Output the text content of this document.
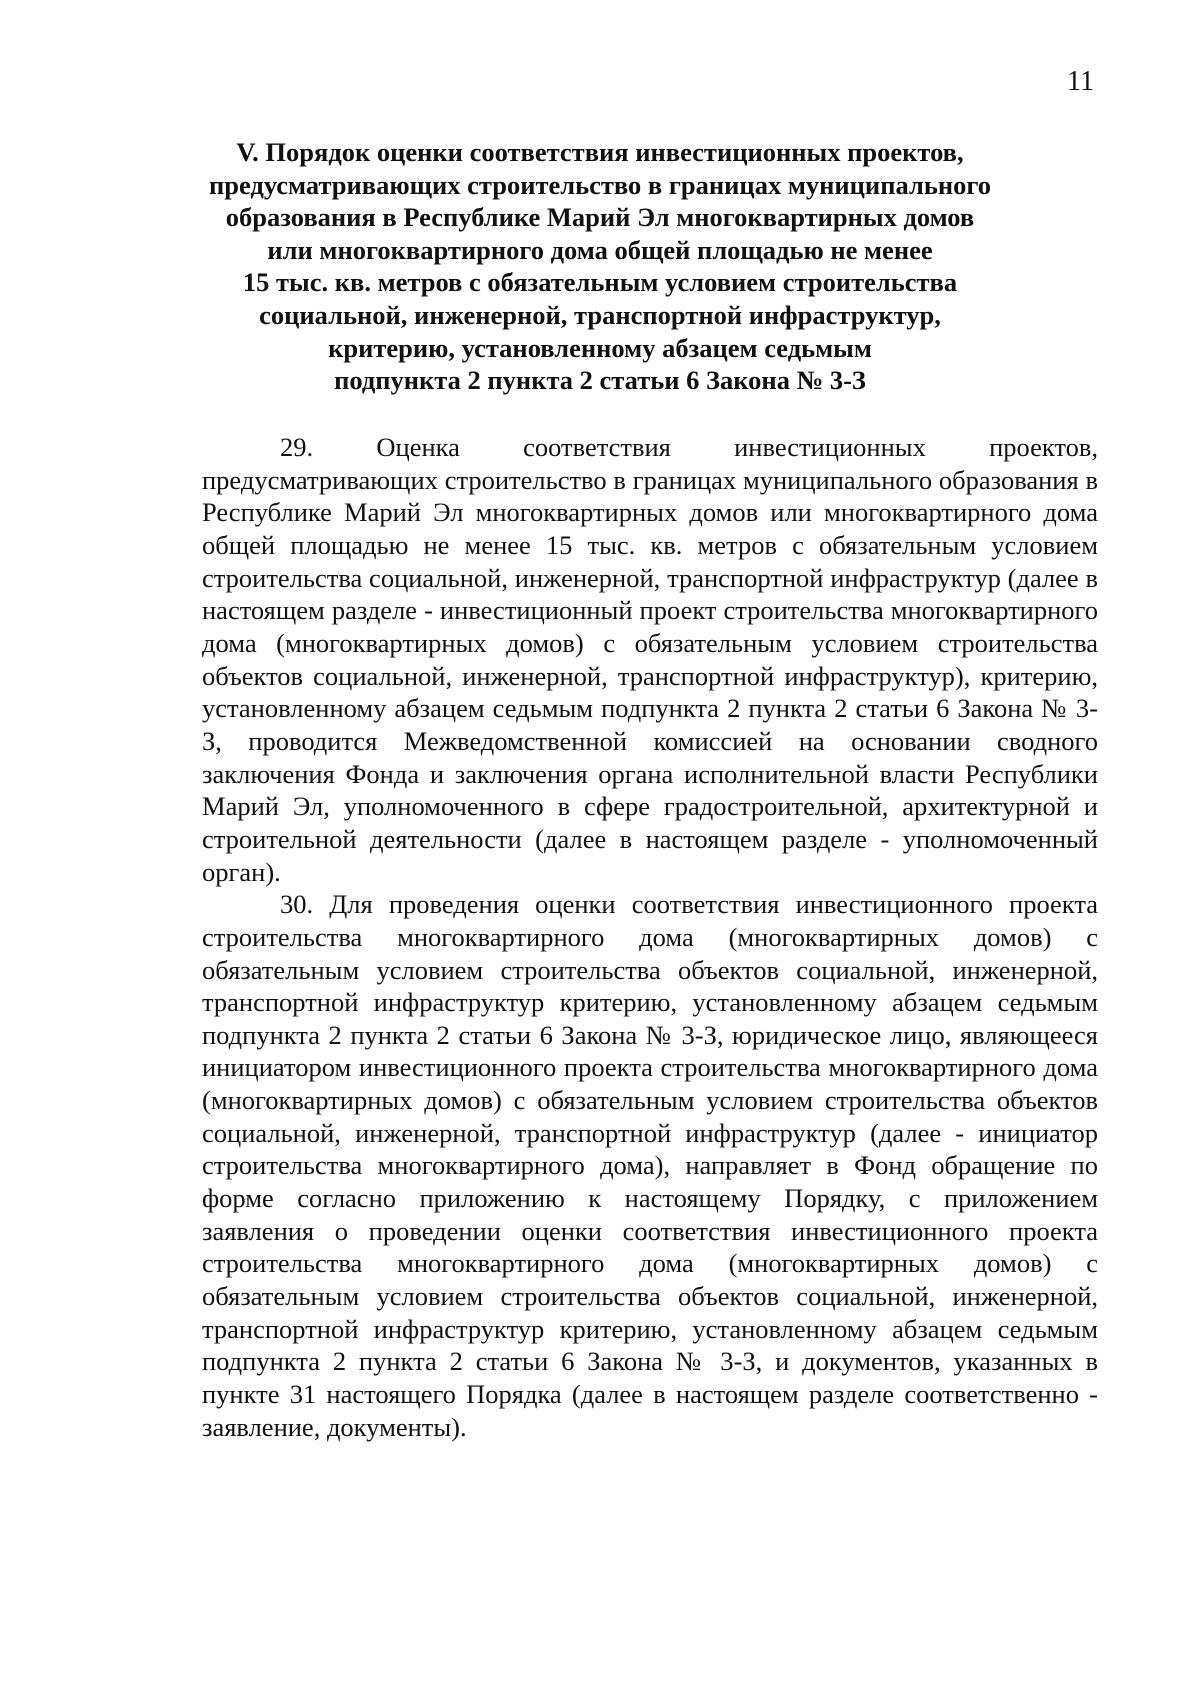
11
V. Порядок оценки соответствия инвестиционных проектов,
предусматривающих строительство в границах муниципального
образования в Республике Марий Эл многоквартирных домов
или многоквартирного дома общей площадью не менее
15 тыс. кв. метров с обязательным условием строительства
социальной, инженерной, транспортной инфраструктур,
критерию, установленному абзацем седьмым
подпункта 2 пункта 2 статьи 6 Закона № 3-З

29. Оценка соответствия инвестиционных проектов, предусматривающих строительство в границах муниципального образования в Республике Марий Эл многоквартирных домов или многоквартирного дома общей площадью не менее 15 тыс. кв. метров с обязательным условием строительства социальной, инженерной, транспортной инфраструктур (далее в настоящем разделе - инвестиционный проект строительства многоквартирного дома (многоквартирных домов) с обязательным условием строительства объектов социальной, инженерной, транспортной инфраструктур), критерию, установленному абзацем седьмым подпункта 2 пункта 2 статьи 6 Закона № 3-З, проводится Межведомственной комиссией на основании сводного заключения Фонда и заключения органа исполнительной власти Республики Марий Эл, уполномоченного в сфере градостроительной, архитектурной и строительной деятельности (далее в настоящем разделе - уполномоченный орган).

30. Для проведения оценки соответствия инвестиционного проекта строительства многоквартирного дома (многоквартирных домов) с обязательным условием строительства объектов социальной, инженерной, транспортной инфраструктур критерию, установленному абзацем седьмым подпункта 2 пункта 2 статьи 6 Закона № 3-З, юридическое лицо, являющееся инициатором инвестиционного проекта строительства многоквартирного дома (многоквартирных домов) с обязательным условием строительства объектов социальной, инженерной, транспортной инфраструктур (далее - инициатор строительства многоквартирного дома), направляет в Фонд обращение по форме согласно приложению к настоящему Порядку, с приложением заявления о проведении оценки соответствия инвестиционного проекта строительства многоквартирного дома (многоквартирных домов) с обязательным условием строительства объектов социальной, инженерной, транспортной инфраструктур критерию, установленному абзацем седьмым подпункта 2 пункта 2 статьи 6 Закона № 3-З, и документов, указанных в пункте 31 настоящего Порядка (далее в настоящем разделе соответственно - заявление, документы).
